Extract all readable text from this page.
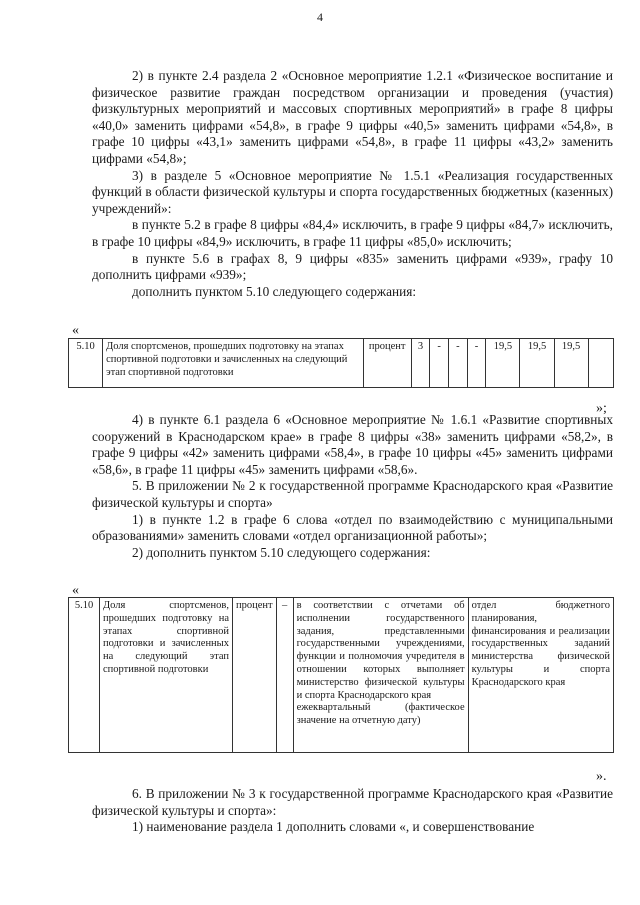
4

2) в пункте 2.4 раздела 2 «Основное мероприятие 1.2.1 «Физическое воспитание и физическое развитие граждан посредством организации и проведения (участия) физкультурных мероприятий и массовых спортивных мероприятий» в графе 8 цифры «40,0» заменить цифрами «54,8», в графе 9 цифры «40,5» заменить цифрами «54,8», в графе 10 цифры «43,1» заменить цифрами «54,8», в графе 11 цифры «43,2» заменить цифрами «54,8»;

3) в разделе 5 «Основное мероприятие № 1.5.1 «Реализация государственных функций в области физической культуры и спорта государственных бюджетных (казенных) учреждений»:

в пункте 5.2 в графе 8 цифры «84,4» исключить, в графе 9 цифры «84,7» исключить, в графе 10 цифры «84,9» исключить, в графе 11 цифры «85,0» исключить;

в пункте 5.6 в графах 8, 9 цифры «835» заменить цифрами «939», графу 10 дополнить цифрами «939»;

дополнить пунктом 5.10 следующего содержания:

«
5.10	Доля спортсменов, прошедших подготовку на этапах спортивной подготовки и зачисленных на следующий этап спортивной подготовки	процент	3	-	-	-	19,5	19,5	19,5	
»;

4) в пункте 6.1 раздела 6 «Основное мероприятие № 1.6.1 «Развитие спортивных сооружений в Краснодарском крае» в графе 8 цифры «38» заменить цифрами «58,2», в графе 9 цифры «42» заменить цифрами «58,4», в графе 10 цифры «45» заменить цифрами «58,6», в графе 11 цифры «45» заменить цифрами «58,6».

5. В приложении № 2 к государственной программе Краснодарского края «Развитие физической культуры и спорта»

1) в пункте 1.2 в графе 6 слова «отдел по взаимодействию с муниципальными образованиями» заменить словами «отдел организационной работы»;

2) дополнить пунктом 5.10 следующего содержания:

«
5.10	Доля спортсменов, прошедших подготовку на этапах спортивной подготовки и зачисленных на следующий этап спортивной подготовки	процент	–	в соответствии с отчетами об исполнении государственного задания, представленными государственными учреждениями, функции и полномочия учредителя в отношении которых выполняет министерство физической культуры и спорта Краснодарского края
ежеквартальный (фактическое значение на отчетную дату)	отдел бюджетного планирования, финансирования и реализации государственных заданий министерства физической культуры и спорта Краснодарского края
».

6. В приложении № 3 к государственной программе Краснодарского края «Развитие физической культуры и спорта»:

1) наименование раздела 1 дополнить словами «, и совершенствование
